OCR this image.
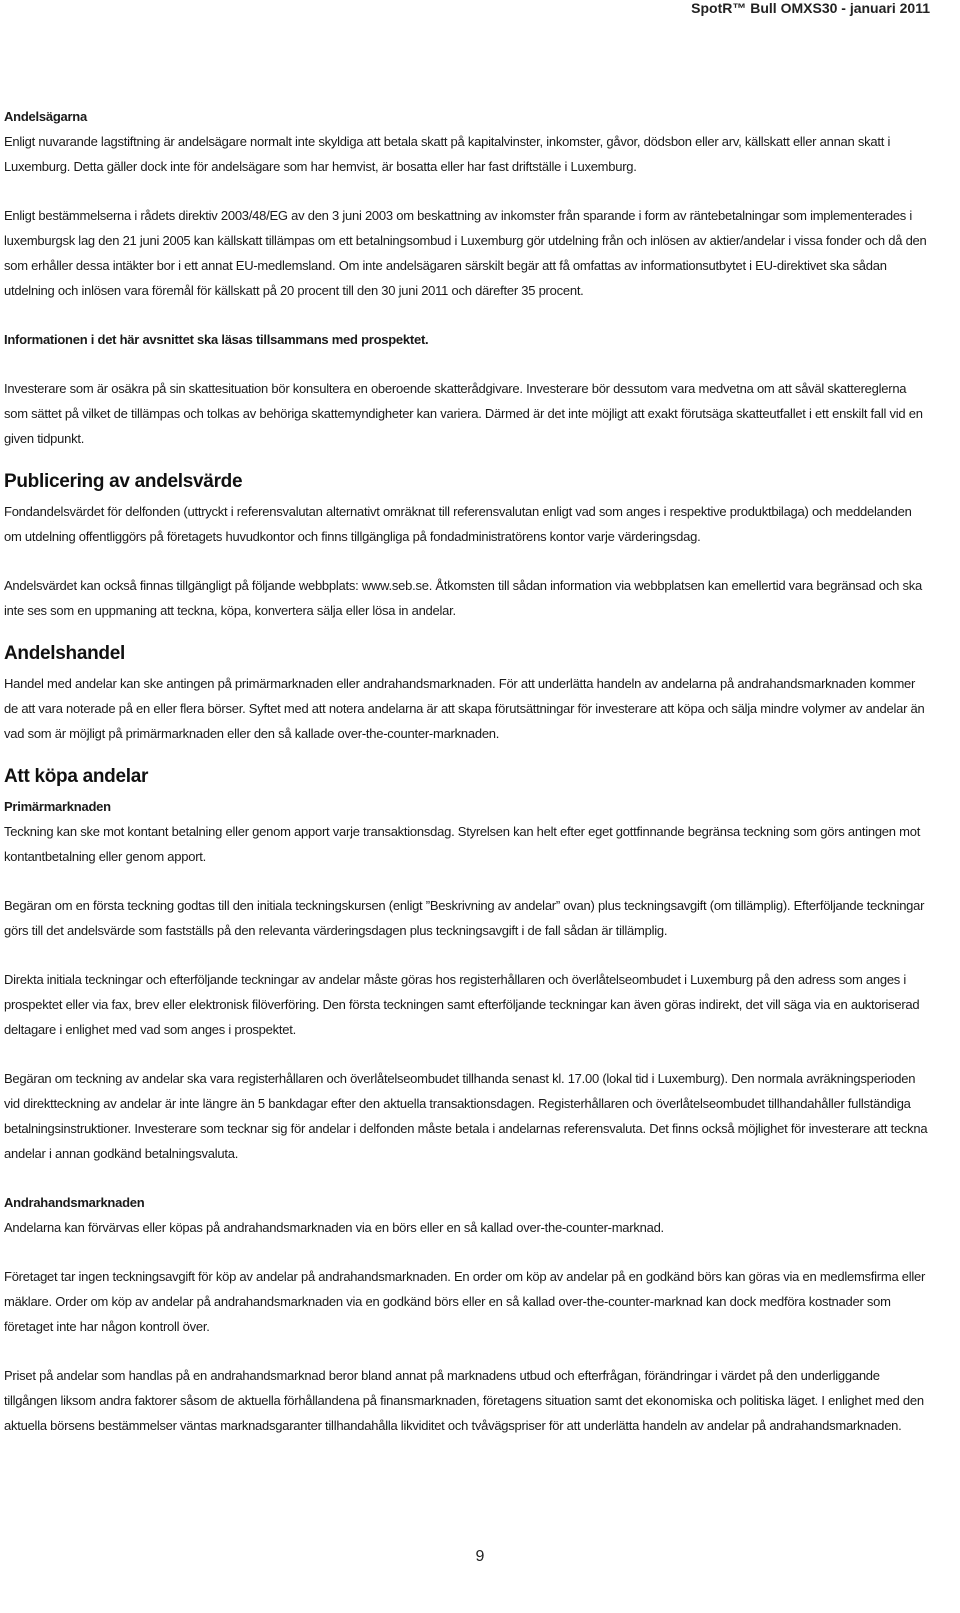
SpotR™ Bull OMXS30 - januari 2011

Andelsägarna

Enligt nuvarande lagstiftning är andelsägare normalt inte skyldiga att betala skatt på kapitalvinster, inkomster, gåvor, dödsbon eller arv, källskatt eller annan skatt i Luxemburg. Detta gäller dock inte för andelsägare som har hemvist, är bosatta eller har fast driftställe i Luxemburg.

Enligt bestämmelserna i rådets direktiv 2003/48/EG av den 3 juni 2003 om beskattning av inkomster från sparande i form av räntebetalningar som implementerades i luxemburgsk lag den 21 juni 2005 kan källskatt tillämpas om ett betalningsombud i Luxemburg gör utdelning från och inlösen av aktier/andelar i vissa fonder och då den som erhåller dessa intäkter bor i ett annat EU-medlemsland. Om inte andelsägaren särskilt begär att få omfattas av informationsutbytet i EU-direktivet ska sådan utdelning och inlösen vara föremål för källskatt på 20 procent till den 30 juni 2011 och därefter 35 procent.

Informationen i det här avsnittet ska läsas tillsammans med prospektet.

Investerare som är osäkra på sin skattesituation bör konsultera en oberoende skatterådgivare. Investerare bör dessutom vara medvetna om att såväl skattereglerna som sättet på vilket de tillämpas och tolkas av behöriga skattemyndigheter kan variera. Därmed är det inte möjligt att exakt förutsäga skatteutfallet i ett enskilt fall vid en given tidpunkt.

Publicering av andelsvärde

Fondandelsvärdet för delfonden (uttryckt i referensvalutan alternativt omräknat till referensvalutan enligt vad som anges i respektive produktbilaga) och meddelanden om utdelning offentliggörs på företagets huvudkontor och finns tillgängliga på fondadministratörens kontor varje värderingsdag.

Andelsvärdet kan också finnas tillgängligt på följande webbplats: www.seb.se. Åtkomsten till sådan information via webbplatsen kan emellertid vara begränsad och ska inte ses som en uppmaning att teckna, köpa, konvertera sälja eller lösa in andelar.

Andelshandel

Handel med andelar kan ske antingen på primärmarknaden eller andrahandsmarknaden. För att underlätta handeln av andelarna på andrahandsmarknaden kommer de att vara noterade på en eller flera börser. Syftet med att notera andelarna är att skapa förutsättningar för investerare att köpa och sälja mindre volymer av andelar än vad som är möjligt på primärmarknaden eller den så kallade over-the-counter-marknaden.

Att köpa andelar

Primärmarknaden

Teckning kan ske mot kontant betalning eller genom apport varje transaktionsdag. Styrelsen kan helt efter eget gottfinnande begränsa teckning som görs antingen mot kontantbetalning eller genom apport.

Begäran om en första teckning godtas till den initiala teckningskursen (enligt ”Beskrivning av andelar” ovan) plus teckningsavgift (om tillämplig). Efterföljande teckningar görs till det andelsvärde som fastställs på den relevanta värderingsdagen plus teckningsavgift i de fall sådan är tillämplig.

Direkta initiala teckningar och efterföljande teckningar av andelar måste göras hos registerhållaren och överlåtelseombudet i Luxemburg på den adress som anges i prospektet eller via fax, brev eller elektronisk filöverföring. Den första teckningen samt efterföljande teckningar kan även göras indirekt, det vill säga via en auktoriserad deltagare i enlighet med vad som anges i prospektet.

Begäran om teckning av andelar ska vara registerhållaren och överlåtelseombudet tillhanda senast kl. 17.00 (lokal tid i Luxemburg). Den normala avräkningsperioden vid direktteckning av andelar är inte längre än 5 bankdagar efter den aktuella transaktionsdagen. Registerhållaren och överlåtelseombudet tillhandahåller fullständiga betalningsinstruktioner. Investerare som tecknar sig för andelar i delfonden måste betala i andelarnas referensvaluta. Det finns också möjlighet för investerare att teckna andelar i annan godkänd betalningsvaluta.

Andrahandsmarknaden

Andelarna kan förvärvas eller köpas på andrahandsmarknaden via en börs eller en så kallad over-the-counter-marknad.

Företaget tar ingen teckningsavgift för köp av andelar på andrahandsmarknaden. En order om köp av andelar på en godkänd börs kan göras via en medlemsfirma eller mäklare. Order om köp av andelar på andrahandsmarknaden via en godkänd börs eller en så kallad over-the-counter-marknad kan dock medföra kostnader som företaget inte har någon kontroll över.

Priset på andelar som handlas på en andrahandsmarknad beror bland annat på marknadens utbud och efterfrågan, förändringar i värdet på den underliggande tillgången liksom andra faktorer såsom de aktuella förhållandena på finansmarknaden, företagens situation samt det ekonomiska och politiska läget. I enlighet med den aktuella börsens bestämmelser väntas marknadsgaranter tillhandahålla likviditet och tvåvägspriser för att underlätta handeln av andelar på andrahandsmarknaden.

9
